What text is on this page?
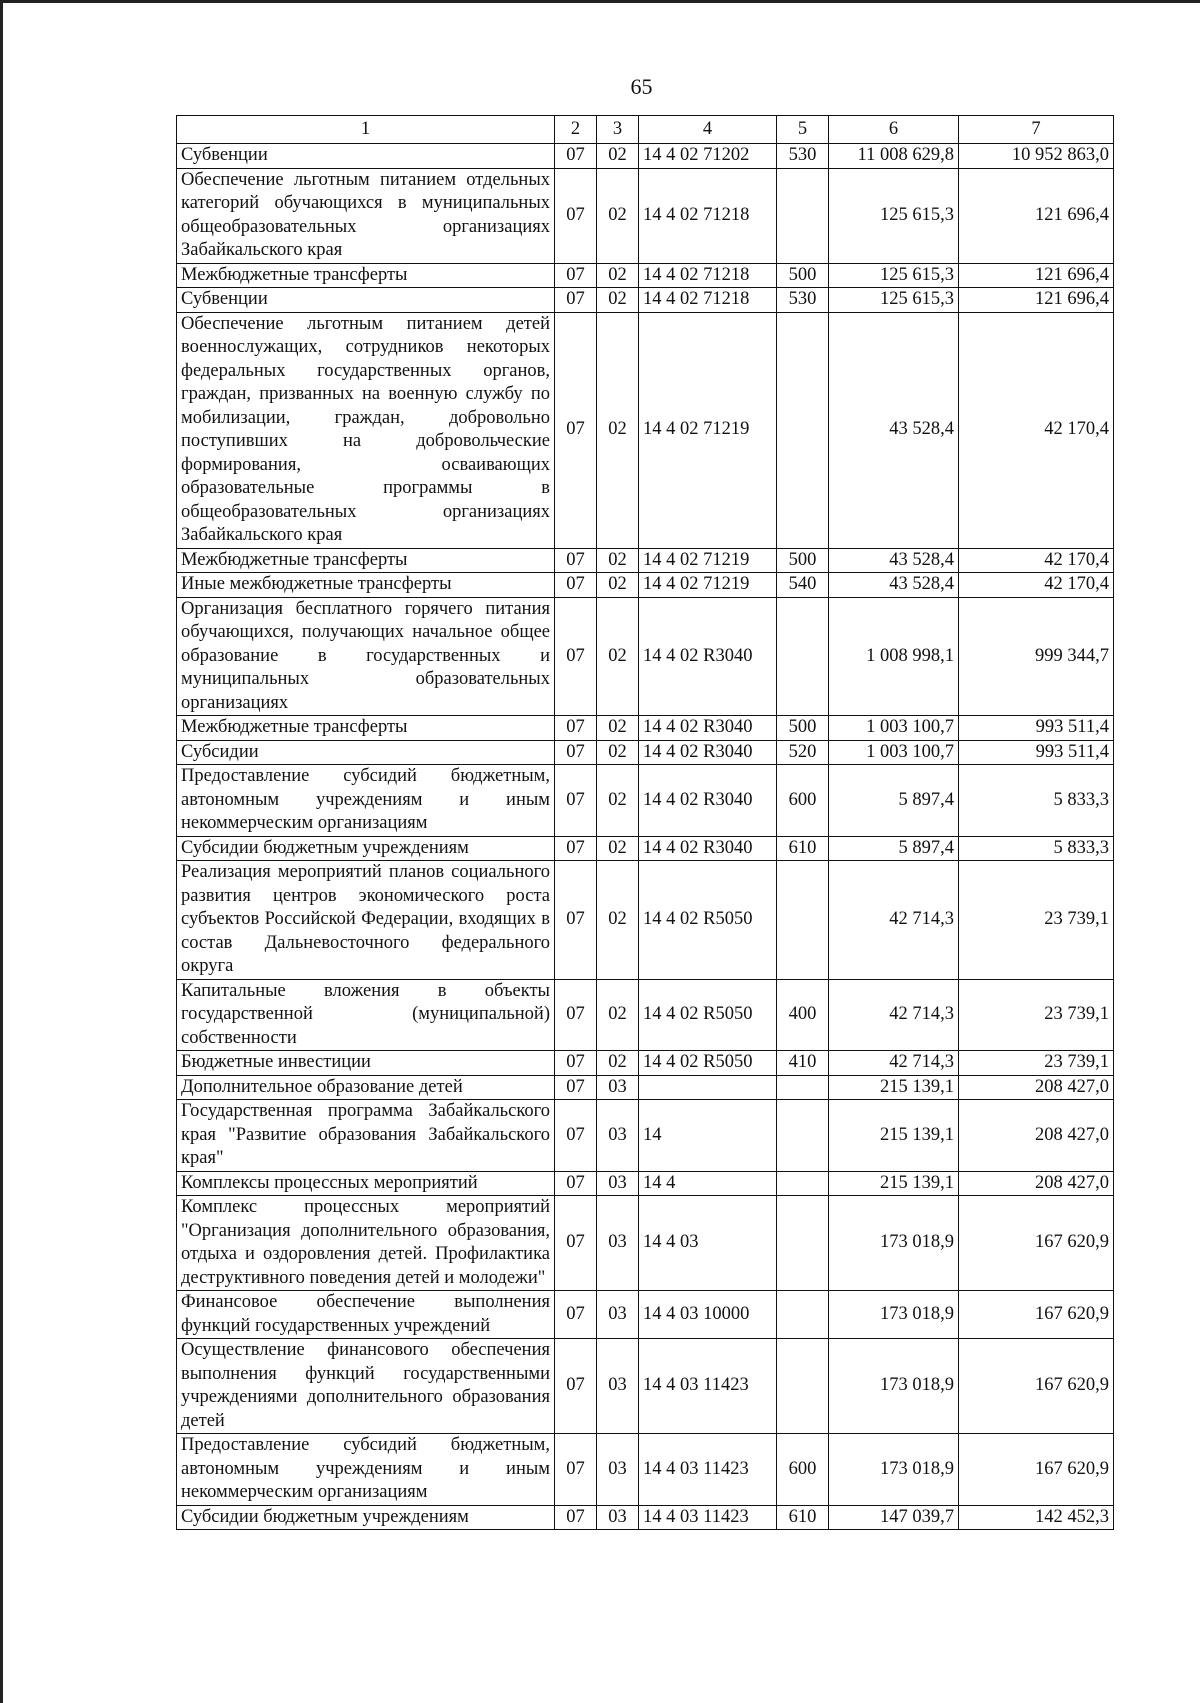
65
1	2	3	4	5	6	7
Субвенции	07	02	14 4 02 71202	530	11 008 629,8	10 952 863,0
Обеспечение льготным питанием отдельных категорий обучающихся в муниципальных общеобразовательных организациях Забайкальского края	07	02	14 4 02 71218		125 615,3	121 696,4
Межбюджетные трансферты	07	02	14 4 02 71218	500	125 615,3	121 696,4
Субвенции	07	02	14 4 02 71218	530	125 615,3	121 696,4
Обеспечение льготным питанием детей военнослужащих, сотрудников некоторых федеральных государственных органов, граждан, призванных на военную службу по мобилизации, граждан, добровольно поступивших на добровольческие формирования, осваивающих образовательные программы в общеобразовательных организациях Забайкальского края	07	02	14 4 02 71219		43 528,4	42 170,4
Межбюджетные трансферты	07	02	14 4 02 71219	500	43 528,4	42 170,4
Иные межбюджетные трансферты	07	02	14 4 02 71219	540	43 528,4	42 170,4
Организация бесплатного горячего питания обучающихся, получающих начальное общее образование в государственных и муниципальных образовательных организациях	07	02	14 4 02 R3040		1 008 998,1	999 344,7
Межбюджетные трансферты	07	02	14 4 02 R3040	500	1 003 100,7	993 511,4
Субсидии	07	02	14 4 02 R3040	520	1 003 100,7	993 511,4
Предоставление субсидий бюджетным, автономным учреждениям и иным некоммерческим организациям	07	02	14 4 02 R3040	600	5 897,4	5 833,3
Субсидии бюджетным учреждениям	07	02	14 4 02 R3040	610	5 897,4	5 833,3
Реализация мероприятий планов социального развития центров экономического роста субъектов Российской Федерации, входящих в состав Дальневосточного федерального округа	07	02	14 4 02 R5050		42 714,3	23 739,1
Капитальные вложения в объекты государственной (муниципальной) собственности	07	02	14 4 02 R5050	400	42 714,3	23 739,1
Бюджетные инвестиции	07	02	14 4 02 R5050	410	42 714,3	23 739,1
Дополнительное образование детей	07	03			215 139,1	208 427,0
Государственная программа Забайкальского края "Развитие образования Забайкальского края"	07	03	14		215 139,1	208 427,0
Комплексы процессных мероприятий	07	03	14 4		215 139,1	208 427,0
Комплекс процессных мероприятий "Организация дополнительного образования, отдыха и оздоровления детей. Профилактика деструктивного поведения детей и молодежи"	07	03	14 4 03		173 018,9	167 620,9
Финансовое обеспечение выполнения функций государственных учреждений	07	03	14 4 03 10000		173 018,9	167 620,9
Осуществление финансового обеспечения выполнения функций государственными учреждениями дополнительного образования детей	07	03	14 4 03 11423		173 018,9	167 620,9
Предоставление субсидий бюджетным, автономным учреждениям и иным некоммерческим организациям	07	03	14 4 03 11423	600	173 018,9	167 620,9
Субсидии бюджетным учреждениям	07	03	14 4 03 11423	610	147 039,7	142 452,3
